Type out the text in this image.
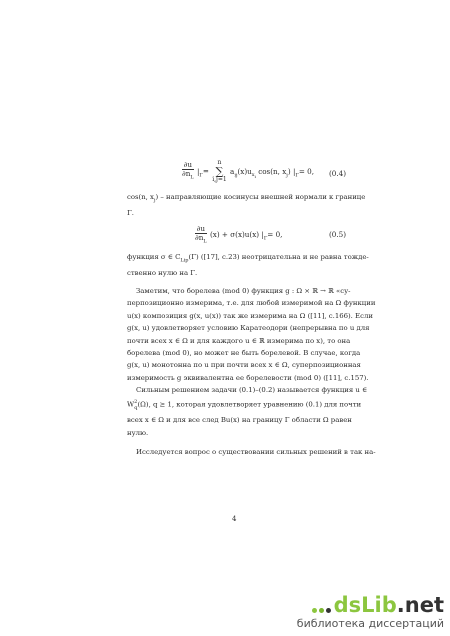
$\frac{\partial u}{\partial n_L} |_\Gamma= n$
∑
i,j=1 $a_{ij}(x)u_{x_i}$ cos(n, $x_j$) $|_\Gamma= 0$, (0.4)
cos(n, $x_j$) – направляющие косинусы внешней нормали к границе
Γ.
$\frac{\partial u}{\partial n_L} (x) + \sigma(x)u(x)$ $|_\Gamma= 0$,	(0.5)
функция σ ∈ $C_{Lip}(\Gamma)$ ([17], с.23) неотрицательна и не равна тожде-
ственно нулю на Γ.
Заметим, что борелева (mod 0) функция g : Ω × ℝ → ℝ «су-
перпозиционно измерима, т.е. для любой измеримой на Ω функции
u(x) композиция g(x, u(x)) так же измерима на Ω ([11], с.166). Если
g(x, u) удовлетворяет условию Каратеодори (непрерывна по u для
почти всех x ∈ Ω и для каждого u ∈ ℝ измерима по x), то она
борелева (mod 0), но может не быть борелевой. В случае, когда
g(x, u) монотонна по u при почти всех x ∈ Ω, суперпозиционная
измеримость g эквивалентна ее борелевости (mod 0) ([11], с.157).
Сильным решением задачи (0.1)–(0.2) называется функция u ∈
$W^2_q(\Omega)$, q ≥ 1, которая удовлетворяет уравнению (0.1) для почти
всех x ∈ Ω и для все след Bu(x) на границу Γ области Ω равен
нулю.
Исследуется вопрос о существовании сильных решений в так на-
4
dsLib.net
библиотека диссертаций
